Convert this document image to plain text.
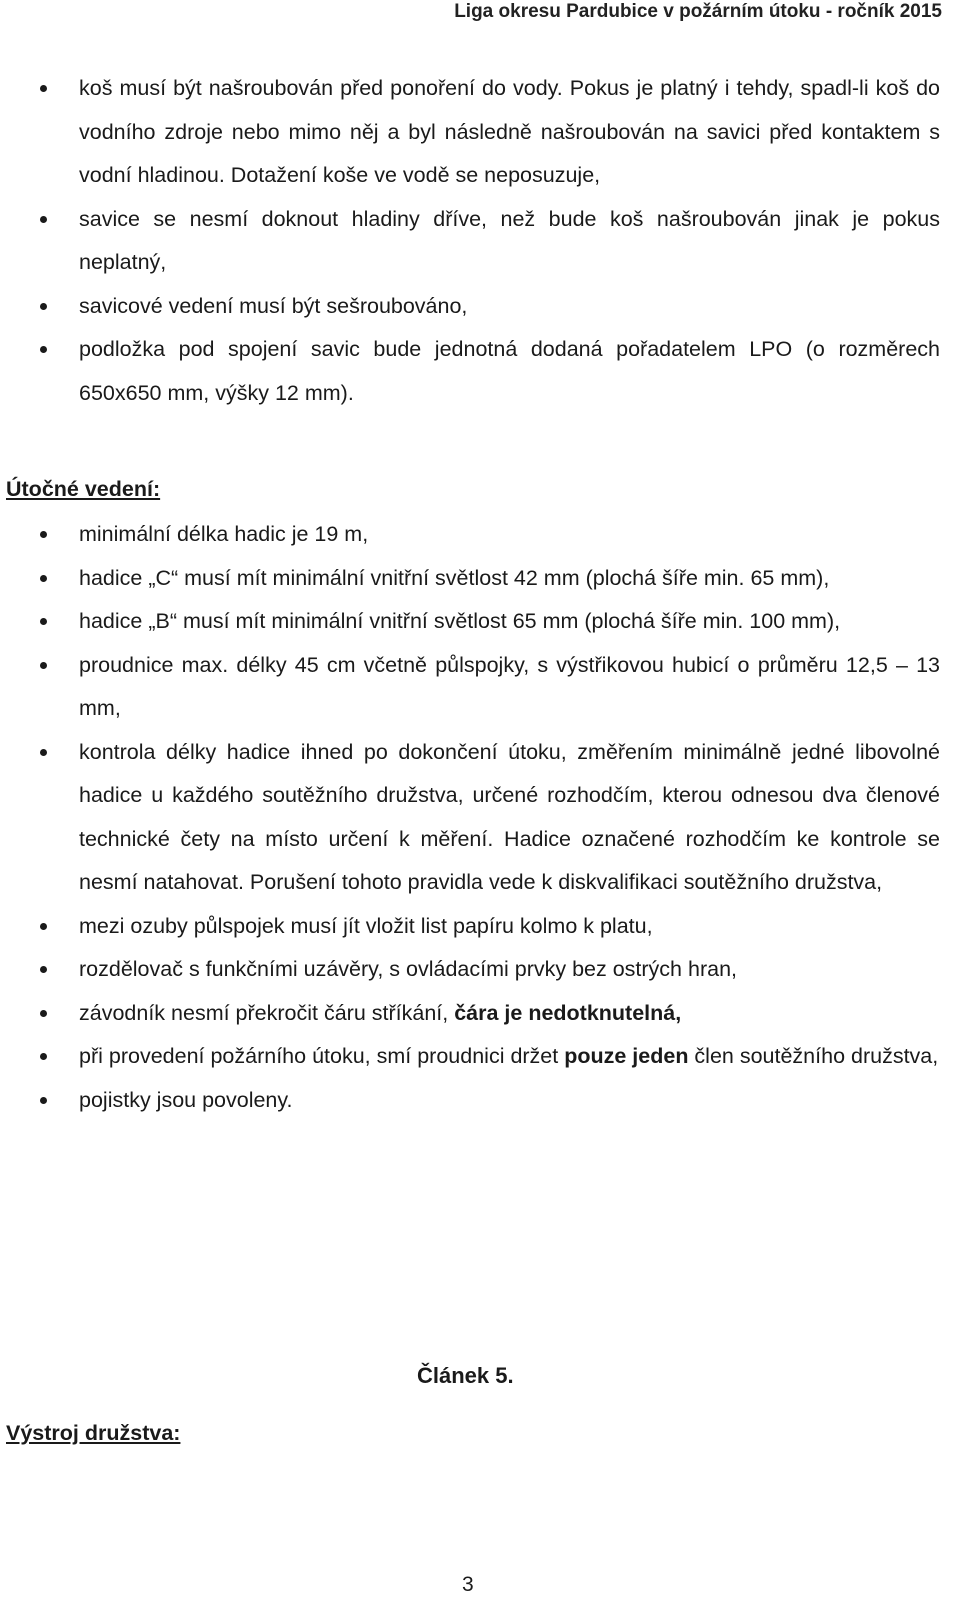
Liga okresu Pardubice v požárním útoku - ročník 2015
koš musí být našroubován před ponoření do vody. Pokus je platný i tehdy, spadl-li koš do vodního zdroje nebo mimo něj a byl následně našroubován na savici před kontaktem s vodní hladinou. Dotažení koše ve vodě se neposuzuje,
savice se nesmí doknout hladiny dříve, než bude koš našroubován jinak je pokus neplatný,
savicové vedení musí být sešroubováno,
podložka pod spojení savic bude jednotná dodaná pořadatelem LPO (o rozměrech 650x650 mm, výšky 12 mm).
Útočné vedení:
minimální délka hadic je 19 m,
hadice „C“ musí mít minimální vnitřní světlost 42 mm (plochá šíře min. 65 mm),
hadice „B“ musí mít minimální vnitřní světlost 65 mm (plochá šíře min. 100 mm),
proudnice max. délky 45 cm včetně půlspojky, s výstřikovou hubicí o průměru 12,5 – 13 mm,
kontrola délky hadice ihned po dokončení útoku, změřením minimálně jedné libovolné hadice u každého soutěžního družstva, určené rozhodčím, kterou odnesou dva členové technické čety na místo určení k měření. Hadice označené rozhodčím ke kontrole se nesmí natahovat. Porušení tohoto pravidla vede k diskvalifikaci soutěžního družstva,
mezi ozuby půlspojek musí jít vložit list papíru kolmo k platu,
rozdělovač s funkčními uzávěry, s ovládacími prvky bez ostrých hran,
závodník nesmí překročit čáru stříkání, čára je nedotknutelná,
při provedení požárního útoku, smí proudnici držet pouze jeden člen soutěžního družstva,
pojistky jsou povoleny.
Článek 5.
Výstroj družstva:
3
